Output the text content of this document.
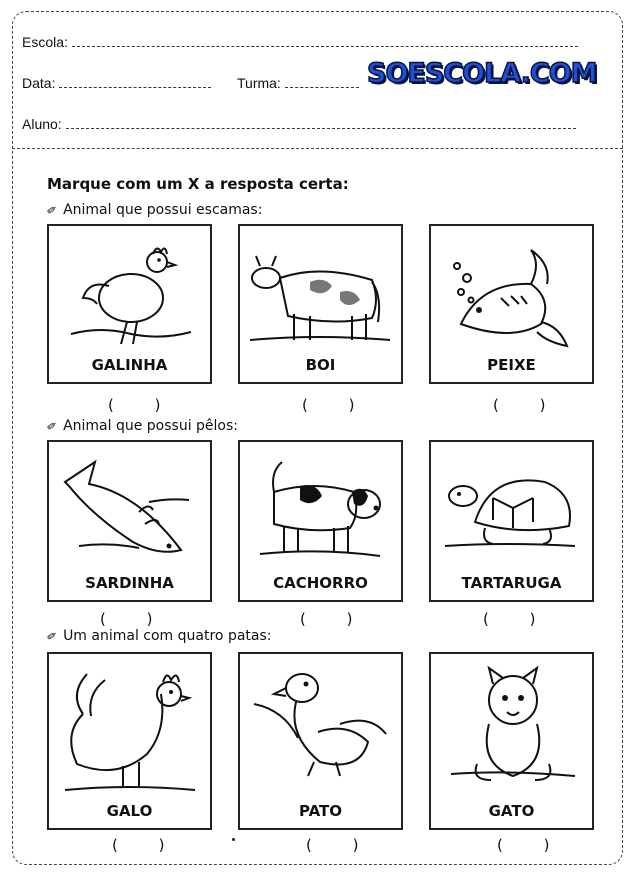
Escola:
Data:	Turma:	SOESCOLA.COM
Aluno:
Marque com um X a resposta certa:
✏ Animal que possui escamas:
GALINHA	BOI	PEIXE
( )	( )	( )
✏ Animal que possui pêlos:
SARDINHA	CACHORRO	TARTARUGA
( )	( )	( )
✏ Um animal com quatro patas:
GALO	PATO	GATO
( )	( )	( )
